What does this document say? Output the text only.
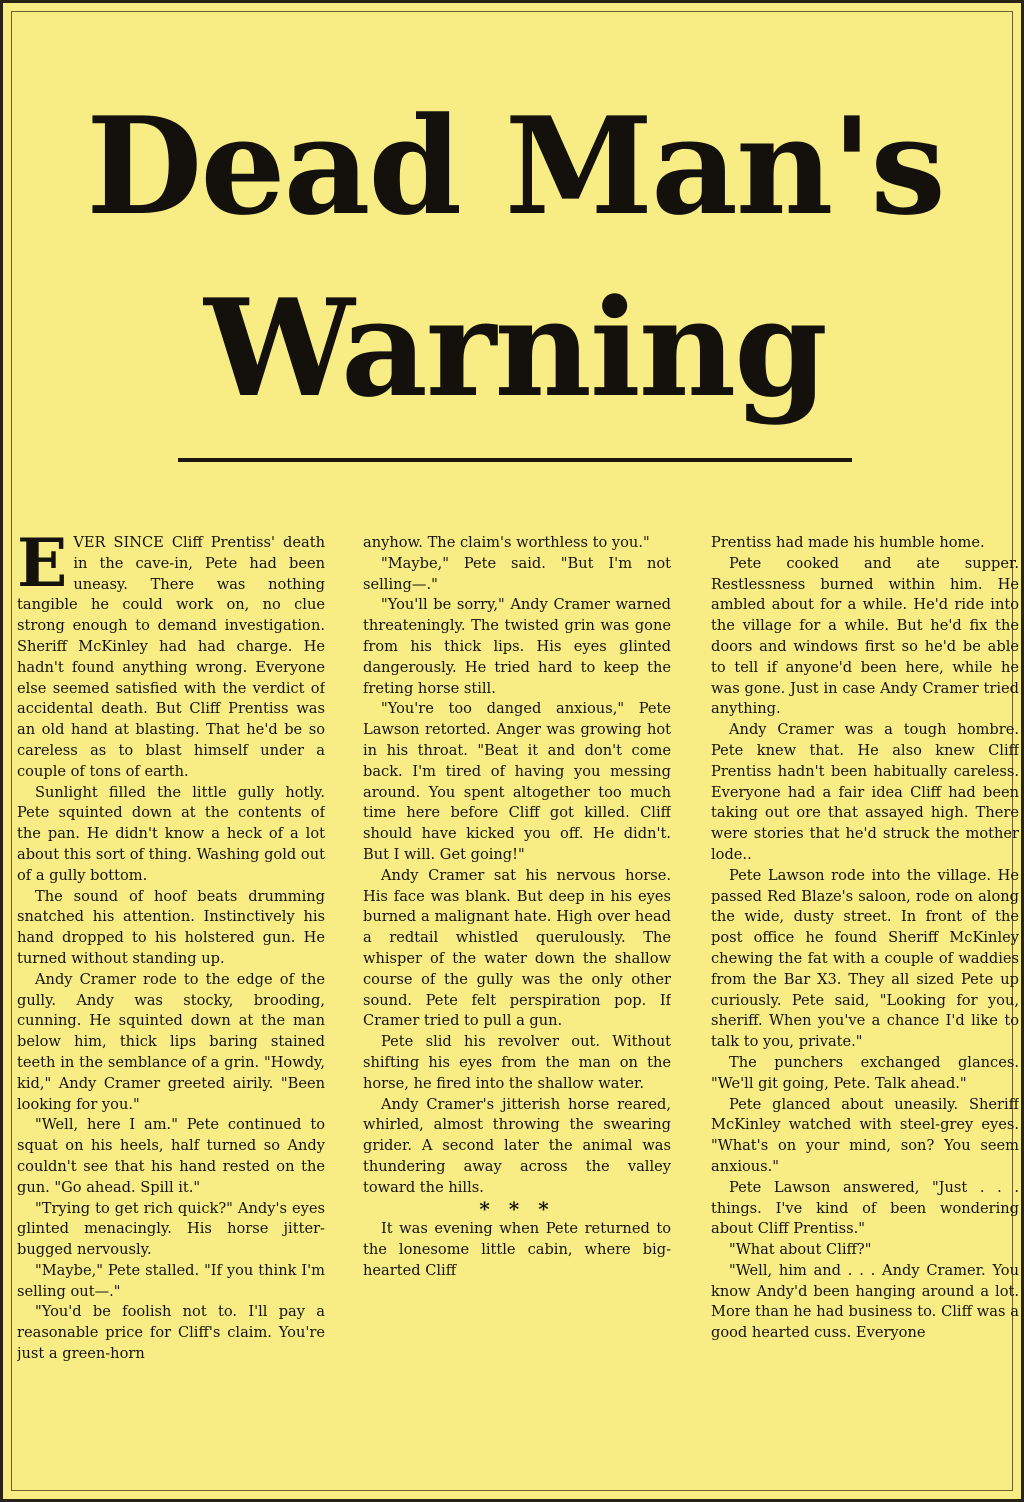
Dead Man's
Warning
E VER SINCE Cliff Prentiss' death in the cave-in, Pete had been uneasy. There was nothing tangible he could work on, no clue strong enough to demand investigation. Sheriff McKinley had had charge. He hadn't found anything wrong. Everyone else seemed satisfied with the verdict of accidental death. But Cliff Prentiss was an old hand at blasting. That he'd be so careless as to blast himself under a couple of tons of earth.

Sunlight filled the little gully hotly. Pete squinted down at the contents of the pan. He didn't know a heck of a lot about this sort of thing. Washing gold out of a gully bottom.

The sound of hoof beats drumming snatched his attention. Instinctively his hand dropped to his holstered gun. He turned without standing up.

Andy Cramer rode to the edge of the gully. Andy was stocky, brooding, cunning. He squinted down at the man below him, thick lips baring stained teeth in the semblance of a grin. "Howdy, kid," Andy Cramer greeted airily. "Been looking for you."

"Well, here I am." Pete continued to squat on his heels, half turned so Andy couldn't see that his hand rested on the gun. "Go ahead. Spill it."

"Trying to get rich quick?" Andy's eyes glinted menacingly. His horse jitter-bugged nervously.

"Maybe," Pete stalled. "If you think I'm selling out—."

"You'd be foolish not to. I'll pay a reasonable price for Cliff's claim. You're just a green-horn

anyhow. The claim's worthless to you."

"Maybe," Pete said. "But I'm not selling—."

"You'll be sorry," Andy Cramer warned threateningly. The twisted grin was gone from his thick lips. His eyes glinted dangerously. He tried hard to keep the freting horse still.

"You're too danged anxious," Pete Lawson retorted. Anger was growing hot in his throat. "Beat it and don't come back. I'm tired of having you messing around. You spent altogether too much time here before Cliff got killed. Cliff should have kicked you off. He didn't. But I will. Get going!"

Andy Cramer sat his nervous horse. His face was blank. But deep in his eyes burned a malignant hate. High over head a redtail whistled querulously. The whisper of the water down the shallow course of the gully was the only other sound. Pete felt perspiration pop. If Cramer tried to pull a gun.

Pete slid his revolver out. Without shifting his eyes from the man on the horse, he fired into the shallow water.

Andy Cramer's jitterish horse reared, whirled, almost throwing the swearing grider. A second later the animal was thundering away across the valley toward the hills.

* * *

It was evening when Pete returned to the lonesome little cabin, where big-hearted Cliff

Prentiss had made his humble home.

Pete cooked and ate supper. Restlessness burned within him. He ambled about for a while. He'd ride into the village for a while. But he'd fix the doors and windows first so he'd be able to tell if anyone'd been here, while he was gone. Just in case Andy Cramer tried anything.

Andy Cramer was a tough hombre. Pete knew that. He also knew Cliff Prentiss hadn't been habitually careless. Everyone had a fair idea Cliff had been taking out ore that assayed high. There were stories that he'd struck the mother lode..

Pete Lawson rode into the village. He passed Red Blaze's saloon, rode on along the wide, dusty street. In front of the post office he found Sheriff McKinley chewing the fat with a couple of waddies from the Bar X3. They all sized Pete up curiously. Pete said, "Looking for you, sheriff. When you've a chance I'd like to talk to you, private."

The punchers exchanged glances. "We'll git going, Pete. Talk ahead."

Pete glanced about uneasily. Sheriff McKinley watched with steel-grey eyes. "What's on your mind, son? You seem anxious."

Pete Lawson answered, "Just . . . things. I've kind of been wondering about Cliff Prentiss."

"What about Cliff?"

"Well, him and . . . Andy Cramer. You know Andy'd been hanging around a lot. More than he had business to. Cliff was a good hearted cuss. Everyone
